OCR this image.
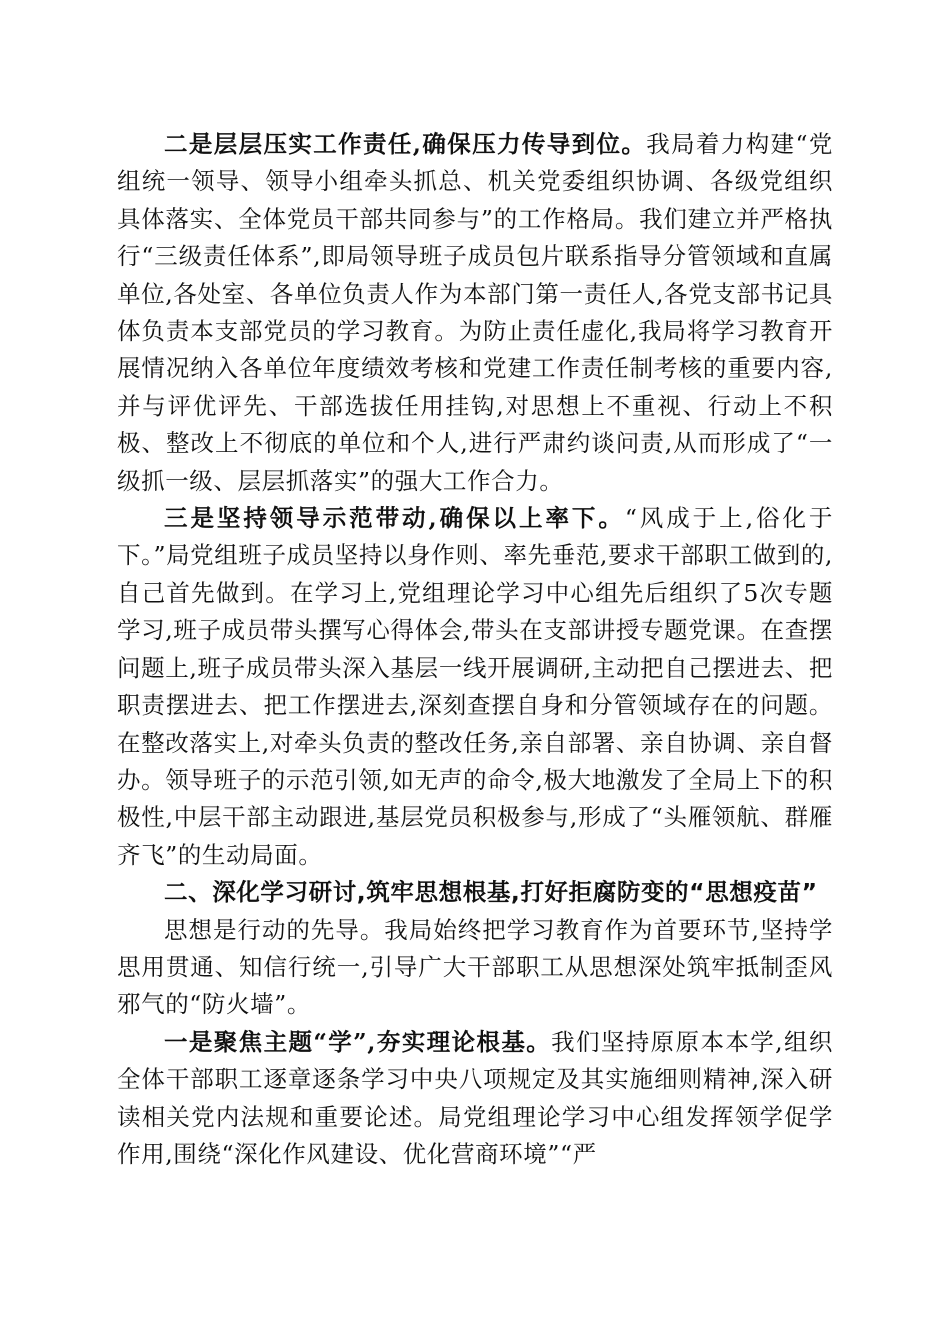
二是层层压实工作责任,确保压力传导到位。我局着力构建“党组统一领导、领导小组牵头抓总、机关党委组织协调、各级党组织具体落实、全体党员干部共同参与”的工作格局。我们建立并严格执行“三级责任体系”,即局领导班子成员包片联系指导分管领域和直属单位,各处室、各单位负责人作为本部门第一责任人,各党支部书记具体负责本支部党员的学习教育。为防止责任虚化,我局将学习教育开展情况纳入各单位年度绩效考核和党建工作责任制考核的重要内容,并与评优评先、干部选拔任用挂钩,对思想上不重视、行动上不积极、整改上不彻底的单位和个人,进行严肃约谈问责,从而形成了“一级抓一级、层层抓落实”的强大工作合力。

三是坚持领导示范带动,确保以上率下。“风成于上,俗化于下。”局党组班子成员坚持以身作则、率先垂范,要求干部职工做到的,自己首先做到。在学习上,党组理论学习中心组先后组织了5次专题学习,班子成员带头撰写心得体会,带头在支部讲授专题党课。在查摆问题上,班子成员带头深入基层一线开展调研,主动把自己摆进去、把职责摆进去、把工作摆进去,深刻查摆自身和分管领域存在的问题。在整改落实上,对牵头负责的整改任务,亲自部署、亲自协调、亲自督办。领导班子的示范引领,如无声的命令,极大地激发了全局上下的积极性,中层干部主动跟进,基层党员积极参与,形成了“头雁领航、群雁齐飞”的生动局面。

二、深化学习研讨,筑牢思想根基,打好拒腐防变的“思想疫苗”

思想是行动的先导。我局始终把学习教育作为首要环节,坚持学思用贯通、知信行统一,引导广大干部职工从思想深处筑牢抵制歪风邪气的“防火墙”。

一是聚焦主题“学”,夯实理论根基。我们坚持原原本本学,组织全体干部职工逐章逐条学习中央八项规定及其实施细则精神,深入研读相关党内法规和重要论述。局党组理论学习中心组发挥领学促学作用,围绕“深化作风建设、优化营商环境”“严
